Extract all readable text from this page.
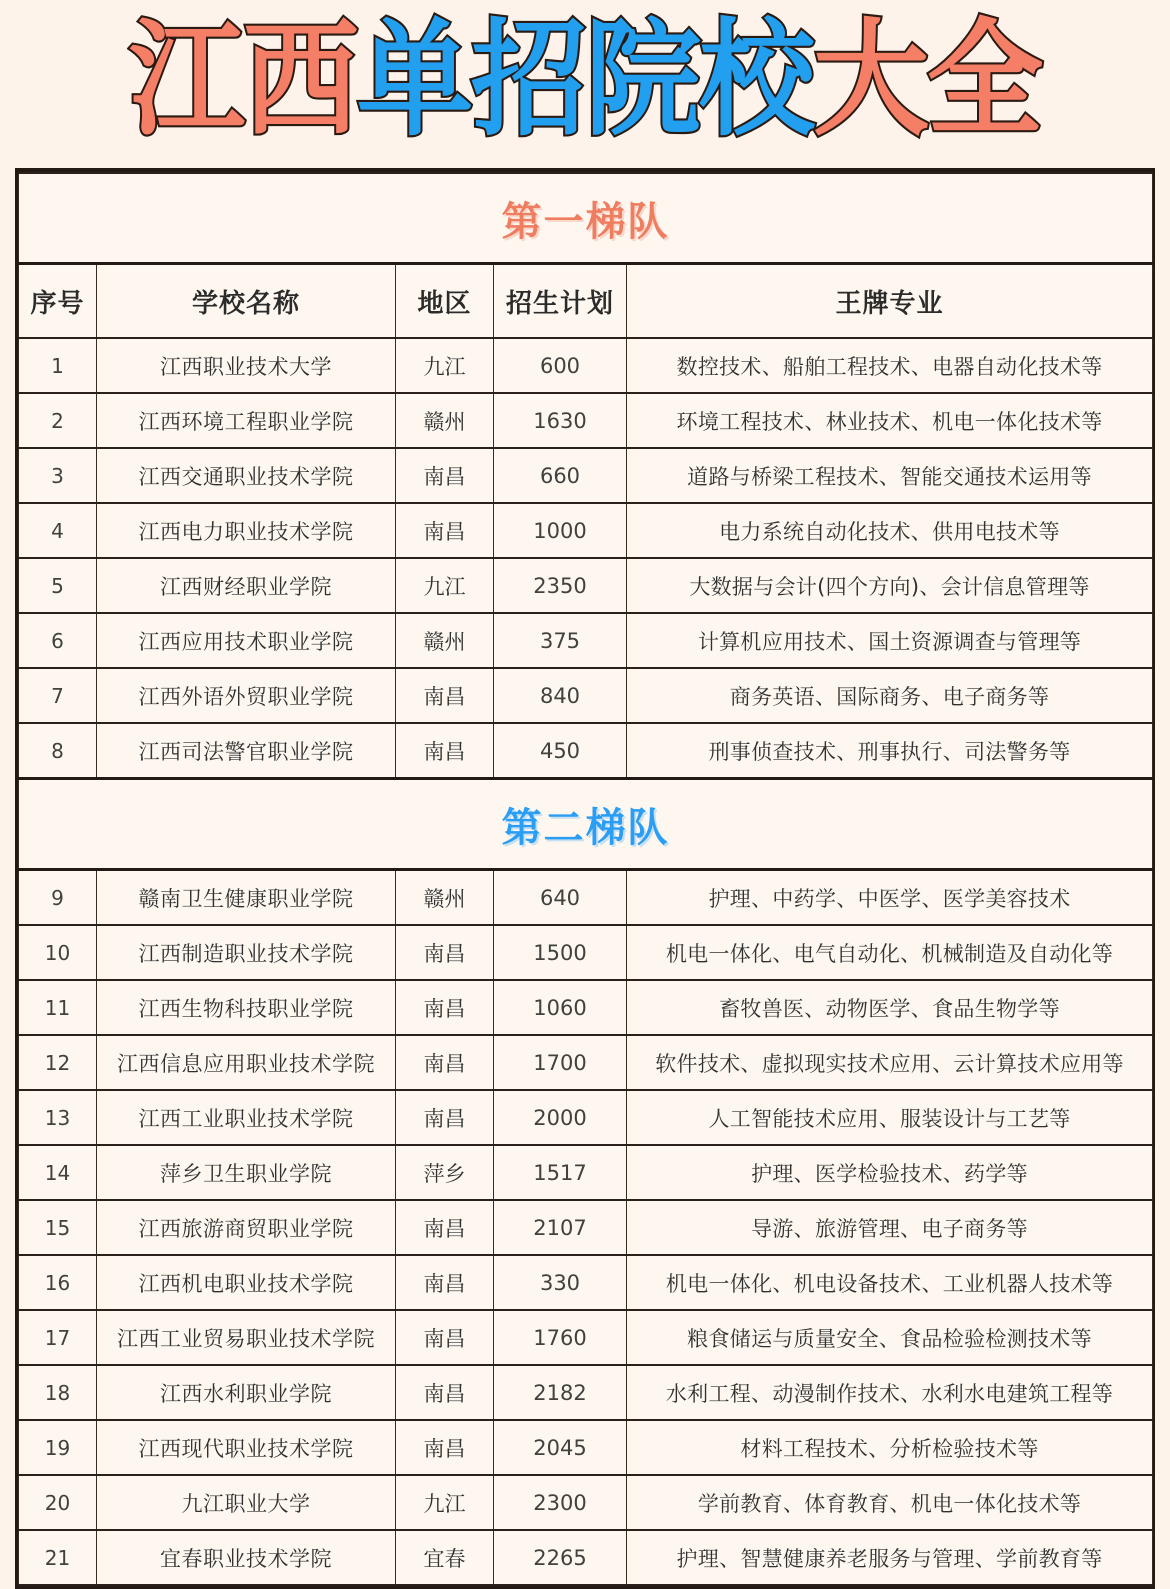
江西单招院校大全
第一梯队				
序号	学校名称	地区	招生计划	王牌专业
1	江西职业技术大学	九江	600	数控技术、船舶工程技术、电器自动化技术等
2	江西环境工程职业学院	赣州	1630	环境工程技术、林业技术、机电一体化技术等
3	江西交通职业技术学院	南昌	660	道路与桥梁工程技术、智能交通技术运用等
4	江西电力职业技术学院	南昌	1000	电力系统自动化技术、供用电技术等
5	江西财经职业学院	九江	2350	大数据与会计(四个方向)、会计信息管理等
6	江西应用技术职业学院	赣州	375	计算机应用技术、国土资源调查与管理等
7	江西外语外贸职业学院	南昌	840	商务英语、国际商务、电子商务等
8	江西司法警官职业学院	南昌	450	刑事侦查技术、刑事执行、司法警务等
第二梯队				
9	赣南卫生健康职业学院	赣州	640	护理、中药学、中医学、医学美容技术
10	江西制造职业技术学院	南昌	1500	机电一体化、电气自动化、机械制造及自动化等
11	江西生物科技职业学院	南昌	1060	畜牧兽医、动物医学、食品生物学等
12	江西信息应用职业技术学院	南昌	1700	软件技术、虚拟现实技术应用、云计算技术应用等
13	江西工业职业技术学院	南昌	2000	人工智能技术应用、服装设计与工艺等
14	萍乡卫生职业学院	萍乡	1517	护理、医学检验技术、药学等
15	江西旅游商贸职业学院	南昌	2107	导游、旅游管理、电子商务等
16	江西机电职业技术学院	南昌	330	机电一体化、机电设备技术、工业机器人技术等
17	江西工业贸易职业技术学院	南昌	1760	粮食储运与质量安全、食品检验检测技术等
18	江西水利职业学院	南昌	2182	水利工程、动漫制作技术、水利水电建筑工程等
19	江西现代职业技术学院	南昌	2045	材料工程技术、分析检验技术等
20	九江职业大学	九江	2300	学前教育、体育教育、机电一体化技术等
21	宜春职业技术学院	宜春	2265	护理、智慧健康养老服务与管理、学前教育等
